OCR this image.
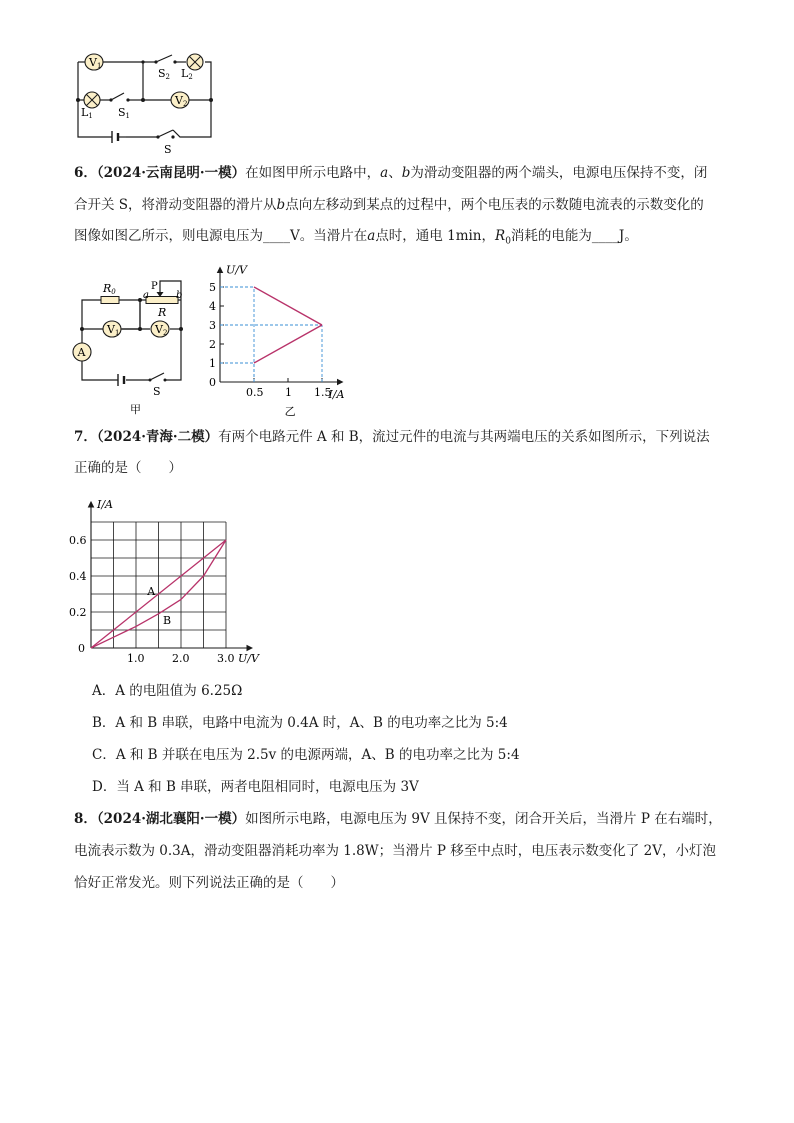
V1
V2
S2 L2
L1 S1
S
6．（2024·云南昆明·一模）在如图甲所示电路中，a、b为滑动变阻器的两个端头，电源电压保持不变，闭
合开关 S，将滑动变阻器的滑片从b点向左移动到某点的过程中，两个电压表的示数随电流表的示数变化的
图像如图乙所示，则电源电压为____V。当滑片在a点时，通电 1min，$R_0$消耗的电能为____J。
V1	V2
A
R0	P
a	b
R
S
甲
0
1
2
3
4
5
0.5 1 1.5
U/V
I/A
乙
7．（2024·青海·二模）有两个电路元件 A 和 B，流过元件的电流与其两端电压的关系如图所示，下列说法
正确的是（　　）
0
0.2
0.4
0.6
1.0	2.0	3.0
A
B
I/A
U/V
A．A 的电阻值为 6.25Ω
B．A 和 B 串联，电路中电流为 0.4A 时，A、B 的电功率之比为 5:4
C．A 和 B 并联在电压为 2.5v 的电源两端，A、B 的电功率之比为 5:4
D．当 A 和 B 串联，两者电阻相同时，电源电压为 3V
8．（2024·湖北襄阳·一模）如图所示电路，电源电压为 9V 且保持不变，闭合开关后，当滑片 P 在右端时，
电流表示数为 0.3A，滑动变阻器消耗功率为 1.8W；当滑片 P 移至中点时，电压表示数变化了 2V，小灯泡
恰好正常发光。则下列说法正确的是（　　）
